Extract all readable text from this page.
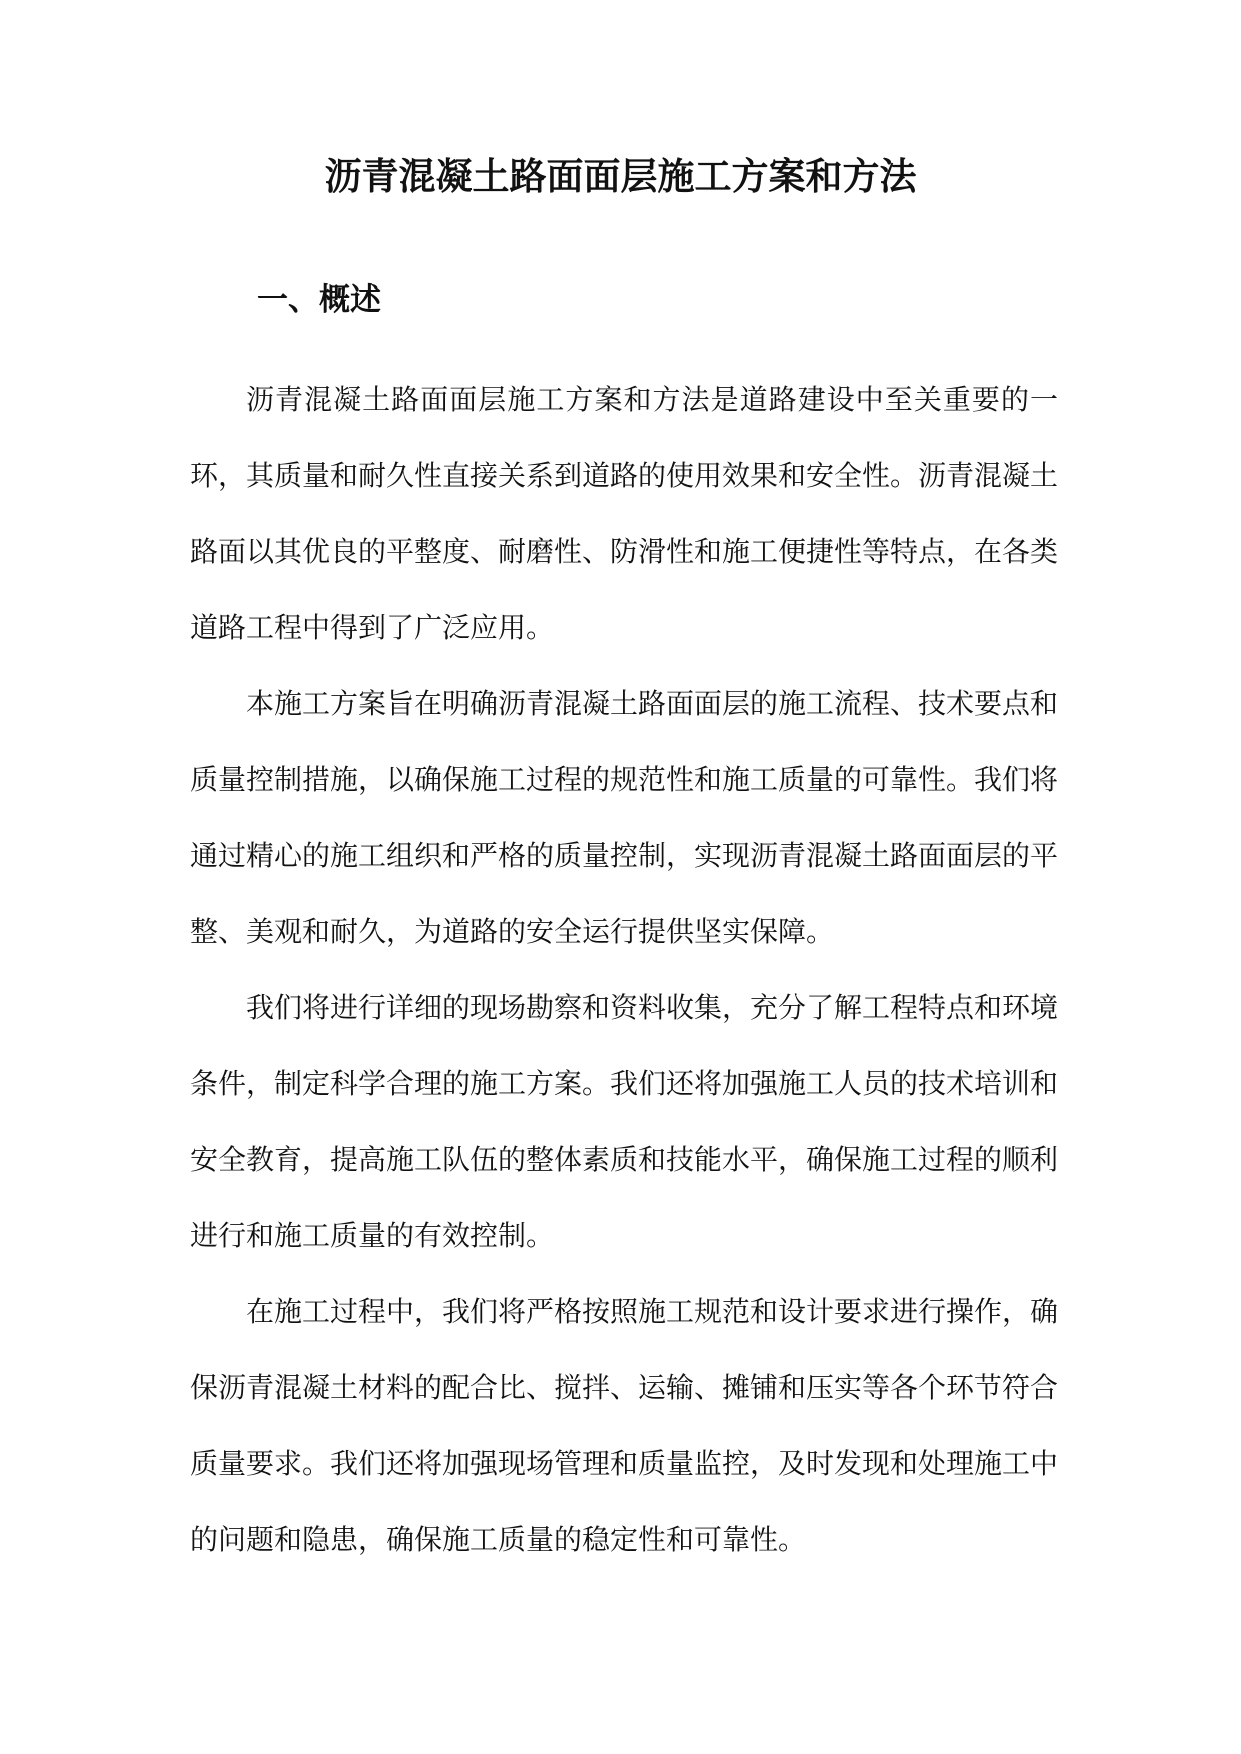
沥青混凝土路面面层施工方案和方法
一、概述

沥青混凝土路面面层施工方案和方法是道路建设中至关重要的一环，其质量和耐久性直接关系到道路的使用效果和安全性。沥青混凝土路面以其优良的平整度、耐磨性、防滑性和施工便捷性等特点，在各类道路工程中得到了广泛应用。

本施工方案旨在明确沥青混凝土路面面层的施工流程、技术要点和质量控制措施，以确保施工过程的规范性和施工质量的可靠性。我们将通过精心的施工组织和严格的质量控制，实现沥青混凝土路面面层的平整、美观和耐久，为道路的安全运行提供坚实保障。

我们将进行详细的现场勘察和资料收集，充分了解工程特点和环境条件，制定科学合理的施工方案。我们还将加强施工人员的技术培训和安全教育，提高施工队伍的整体素质和技能水平，确保施工过程的顺利进行和施工质量的有效控制。

在施工过程中，我们将严格按照施工规范和设计要求进行操作，确保沥青混凝土材料的配合比、搅拌、运输、摊铺和压实等各个环节符合质量要求。我们还将加强现场管理和质量监控，及时发现和处理施工中的问题和隐患，确保施工质量的稳定性和可靠性。
